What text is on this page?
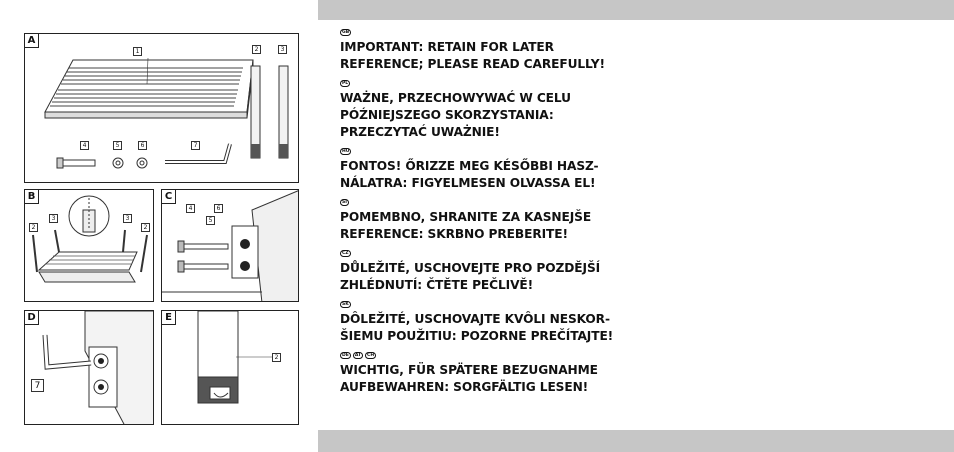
A
1	2	3
4	5	6	7
B
2
3	3
2
C
4	6
5
D
7
E
2
GB
IMPORTANT: RETAIN FOR LATER
REFERENCE; PLEASE READ CAREFULLY!
PL
WAŻNE, PRZECHOWYWAĆ W CELU
PÓŹNIEJSZEGO SKORZYSTANIA:
PRZECZYTAĆ UWAŻNIE!
HU
FONTOS! ŐRIZZE MEG KÉSŐBBI HASZ-
NÁLATRA: FIGYELMESEN OLVASSA EL!
SI
POMEMBNO, SHRANITE ZA KASNEJŠE
REFERENCE: SKRBNO PREBERITE!
CZ
DŮLEŽITÉ, USCHOVEJTE PRO POZDĚJŠÍ
ZHLÉDNUTÍ: ČTĚTE PEČLIVĚ!
SK
DÔLEŽITÉ, USCHOVAJTE KVÔLI NESKOR-
ŠIEMU POUŽITIU: POZORNE PREČÍTAJTE!
DE	AT	CH
WICHTIG, FÜR SPÄTERE BEZUGNAHME
AUFBEWAHREN: SORGFÄLTIG LESEN!
